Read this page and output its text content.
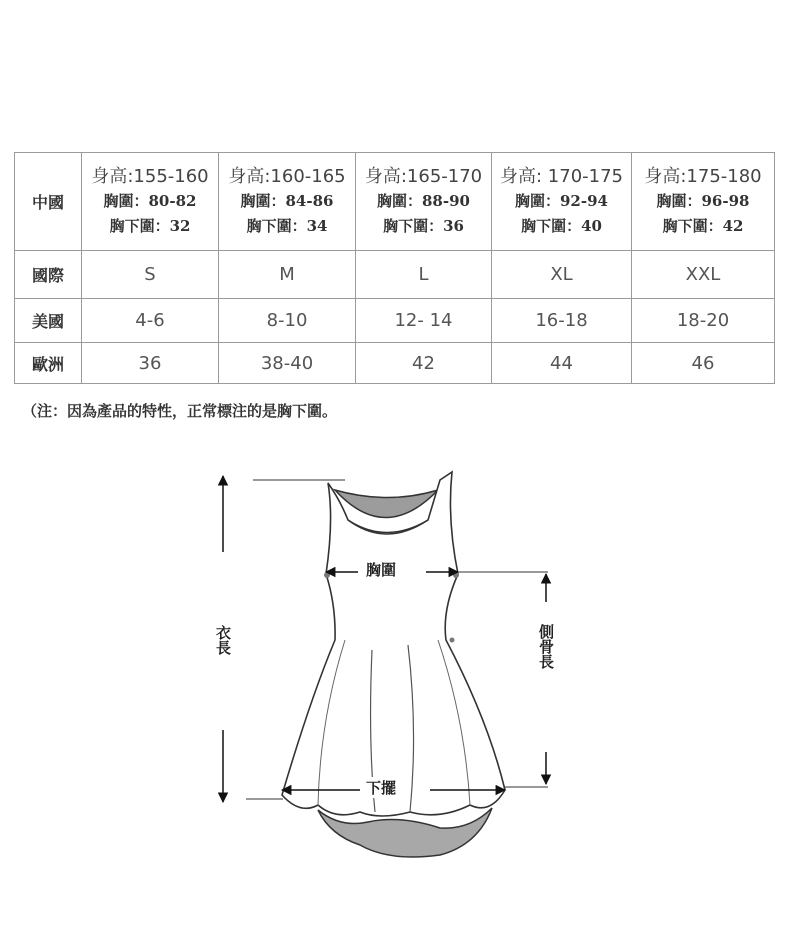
中國	身高:155-160
胸圍：80-82
胸下圍：32	身高:160-165
胸圍：84-86
胸下圍：34	身高:165-170
胸圍：88-90
胸下圍：36	身高: 170-175
胸圍：92-94
胸下圍：40	身高:175-180
胸圍：96-98
胸下圍：42

國際	S	M	L	XL	XXL
美國	4-6	8-10	12- 14	16-18	18-20
歐洲	36	38-40	42	44	46
（注：因為產品的特性，正常標注的是胸下圍。
胸圍
衣長	側骨長
下擺
